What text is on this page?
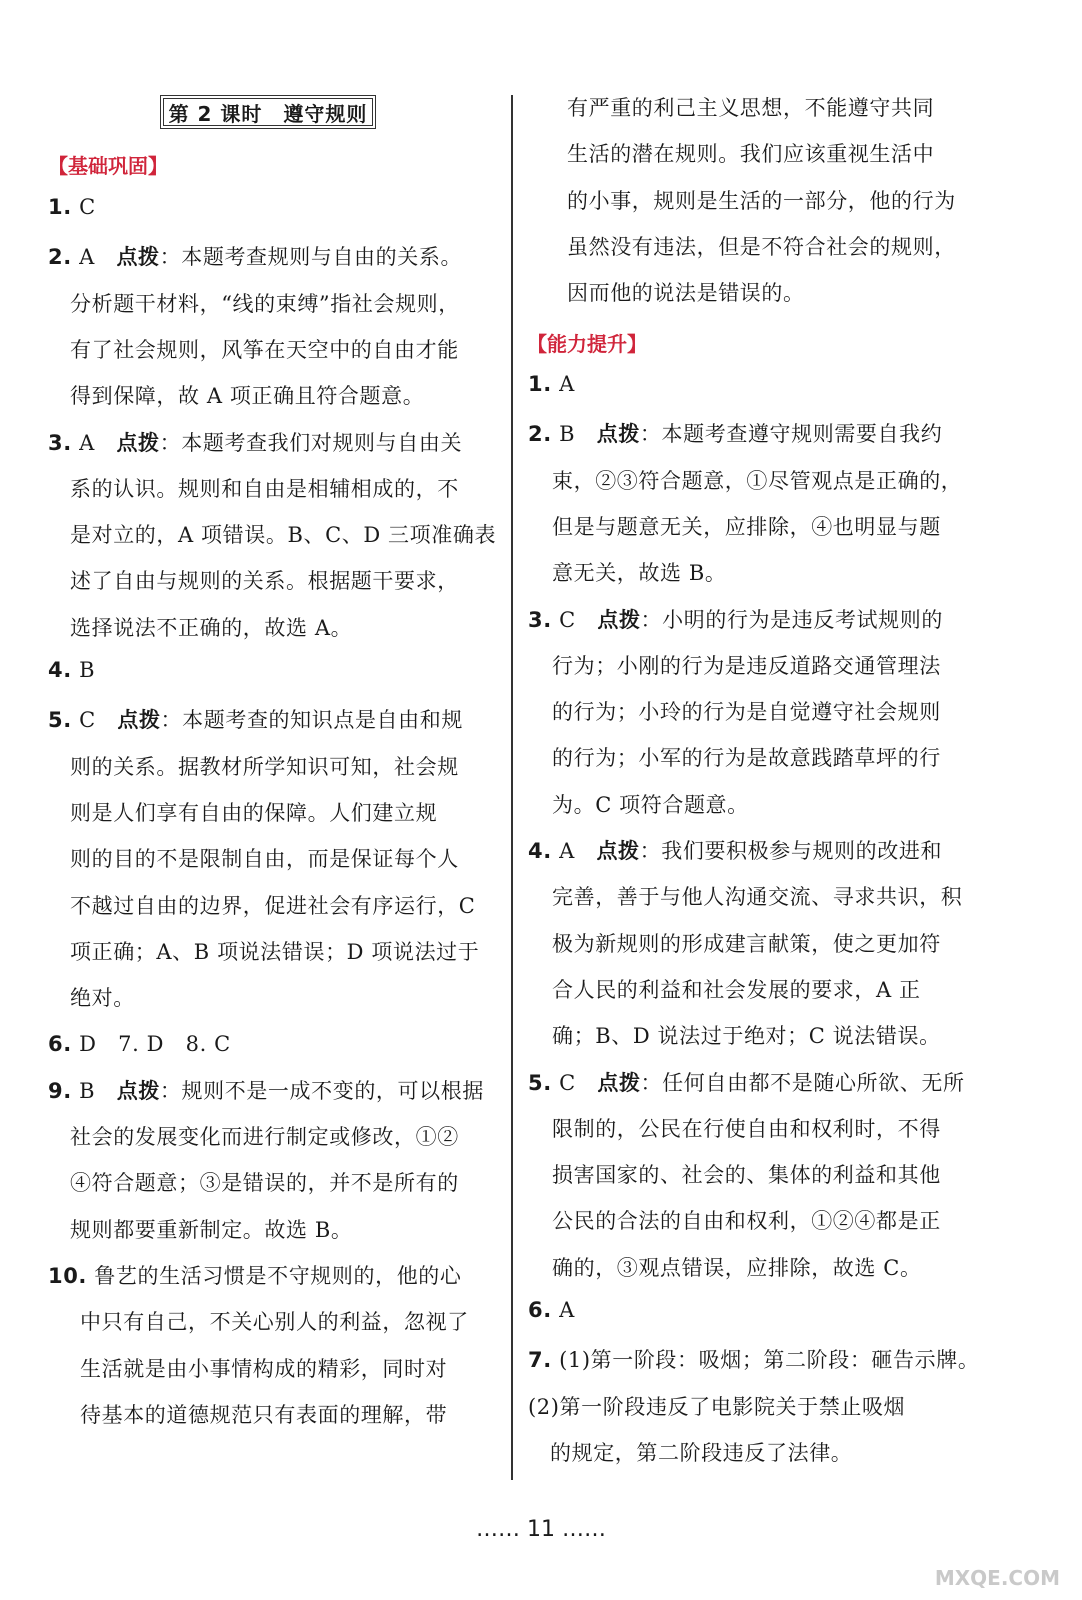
第 2 课时　遵守规则
【基础巩固】
【能力提升】
1. C
2. A　点拨：本题考查规则与自由的关系。
分析题干材料，“线的束缚”指社会规则，
有了社会规则，风筝在天空中的自由才能
得到保障，故 A 项正确且符合题意。
3. A　点拨：本题考查我们对规则与自由关
系的认识。规则和自由是相辅相成的，不
是对立的，A 项错误。B、C、D 三项准确表
述了自由与规则的关系。根据题干要求，
选择说法不正确的，故选 A。
4. B
5. C　点拨：本题考查的知识点是自由和规
则的关系。据教材所学知识可知，社会规
则是人们享有自由的保障。人们建立规
则的目的不是限制自由，而是保证每个人
不越过自由的边界，促进社会有序运行，C
项正确；A、B 项说法错误；D 项说法过于
绝对。
6. D　7. D　8. C
9. B　点拨：规则不是一成不变的，可以根据
社会的发展变化而进行制定或修改，①②
④符合题意；③是错误的，并不是所有的
规则都要重新制定。故选 B。
10. 鲁艺的生活习惯是不守规则的，他的心
中只有自己，不关心别人的利益，忽视了
生活就是由小事情构成的精彩，同时对
待基本的道德规范只有表面的理解，带
有严重的利己主义思想，不能遵守共同
生活的潜在规则。我们应该重视生活中
的小事，规则是生活的一部分，他的行为
虽然没有违法，但是不符合社会的规则，
因而他的说法是错误的。
1. A
2. B　点拨：本题考查遵守规则需要自我约
束，②③符合题意，①尽管观点是正确的，
但是与题意无关，应排除，④也明显与题
意无关，故选 B。
3. C　点拨：小明的行为是违反考试规则的
行为；小刚的行为是违反道路交通管理法
的行为；小玲的行为是自觉遵守社会规则
的行为；小军的行为是故意践踏草坪的行
为。C 项符合题意。
4. A　点拨：我们要积极参与规则的改进和
完善，善于与他人沟通交流、寻求共识，积
极为新规则的形成建言献策，使之更加符
合人民的利益和社会发展的要求，A 正
确；B、D 说法过于绝对；C 说法错误。
5. C　点拨：任何自由都不是随心所欲、无所
限制的，公民在行使自由和权利时，不得
损害国家的、社会的、集体的利益和其他
公民的合法的自由和权利，①②④都是正
确的，③观点错误，应排除，故选 C。
6. A
7. (1)第一阶段：吸烟；第二阶段：砸告示牌。
(2)第一阶段违反了电影院关于禁止吸烟
的规定，第二阶段违反了法律。
…… 11 ……
MXQE.COM
